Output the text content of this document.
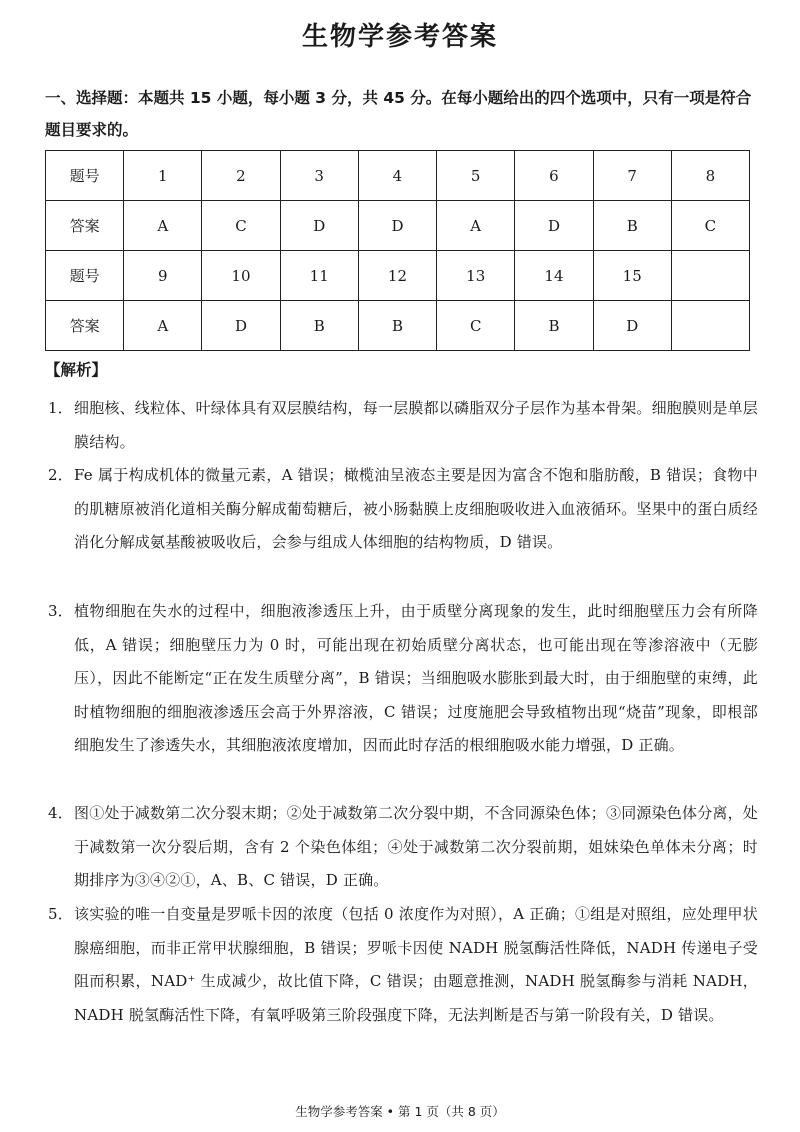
生物学参考答案
一、选择题：本题共 15 小题，每小题 3 分，共 45 分。在每小题给出的四个选项中，只有一项是符合题目要求的。
题号	1	2	3	4	5	6	7	8
答案	A	C	D	D	A	D	B	C
题号	9	10	11	12	13	14	15	
答案	A	D	B	B	C	B	D	
【解析】
1． 细胞核、线粒体、叶绿体具有双层膜结构，每一层膜都以磷脂双分子层作为基本骨架。细胞膜则是单层膜结构。
2． Fe 属于构成机体的微量元素，A 错误；橄榄油呈液态主要是因为富含不饱和脂肪酸，B 错误；食物中的肌糖原被消化道相关酶分解成葡萄糖后，被小肠黏膜上皮细胞吸收进入血液循环。坚果中的蛋白质经消化分解成氨基酸被吸收后，会参与组成人体细胞的结构物质，D 错误。
3． 植物细胞在失水的过程中，细胞液渗透压上升，由于质壁分离现象的发生，此时细胞壁压力会有所降低，A 错误；细胞壁压力为 0 时，可能出现在初始质壁分离状态，也可能出现在等渗溶液中（无膨压），因此不能断定“正在发生质壁分离”，B 错误；当细胞吸水膨胀到最大时，由于细胞壁的束缚，此时植物细胞的细胞液渗透压会高于外界溶液，C 错误；过度施肥会导致植物出现“烧苗”现象，即根部细胞发生了渗透失水，其细胞液浓度增加，因而此时存活的根细胞吸水能力增强，D 正确。
4． 图①处于减数第二次分裂末期；②处于减数第二次分裂中期，不含同源染色体；③同源染色体分离，处于减数第一次分裂后期，含有 2 个染色体组；④处于减数第二次分裂前期，姐妹染色单体未分离；时期排序为③④②①，A、B、C 错误，D 正确。
5． 该实验的唯一自变量是罗哌卡因的浓度（包括 0 浓度作为对照），A 正确；①组是对照组，应处理甲状腺癌细胞，而非正常甲状腺细胞，B 错误；罗哌卡因使 NADH 脱氢酶活性降低，NADH 传递电子受阻而积累，NAD⁺ 生成减少，故比值下降，C 错误；由题意推测，NADH 脱氢酶参与消耗 NADH，NADH 脱氢酶活性下降，有氧呼吸第三阶段强度下降，无法判断是否与第一阶段有关，D 错误。
生物学参考答案 • 第 1 页（共 8 页）
